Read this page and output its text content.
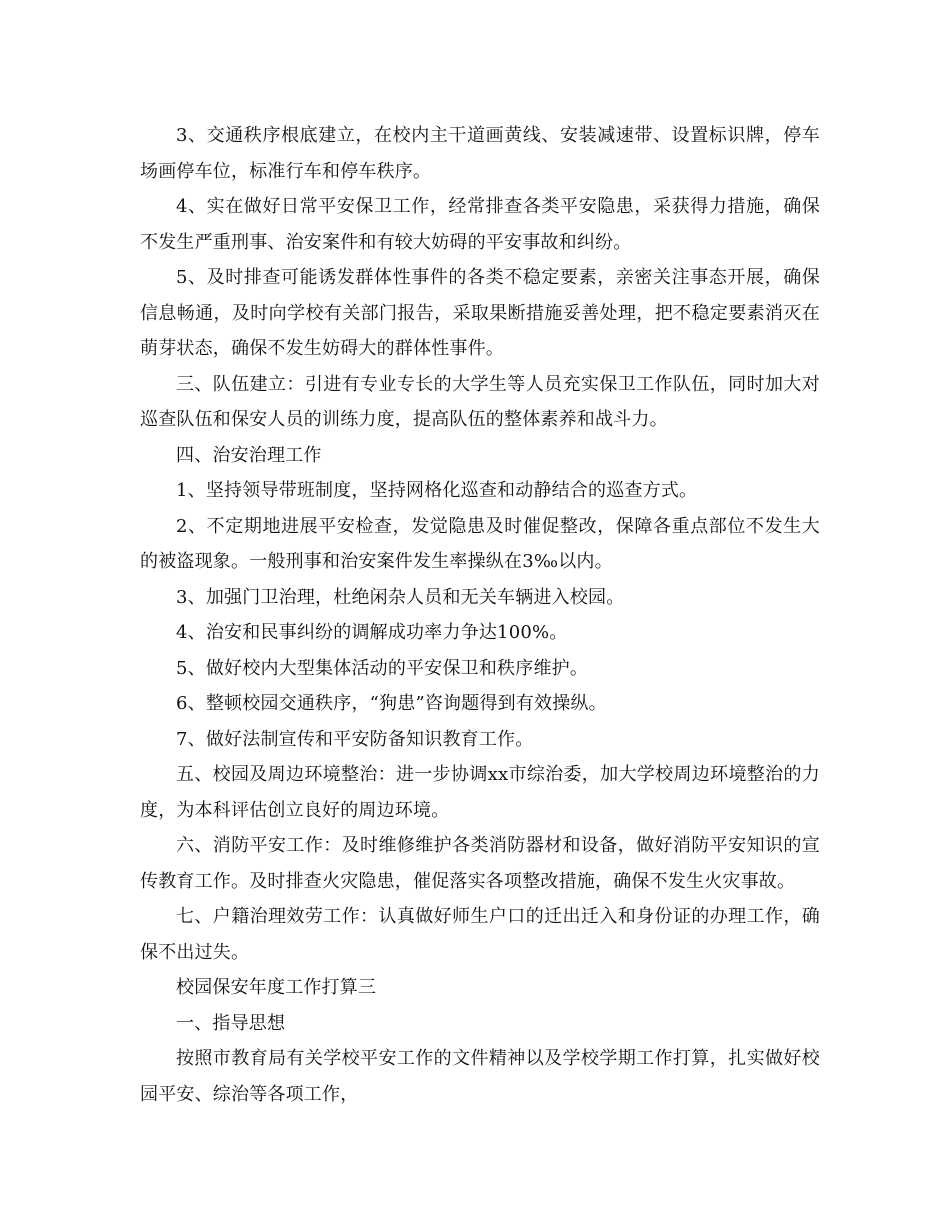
3、交通秩序根底建立，在校内主干道画黄线、安装减速带、设置标识牌，停车场画停车位，标准行车和停车秩序。

4、实在做好日常平安保卫工作，经常排查各类平安隐患，采获得力措施，确保不发生严重刑事、治安案件和有较大妨碍的平安事故和纠纷。

5、及时排查可能诱发群体性事件的各类不稳定要素，亲密关注事态开展，确保信息畅通，及时向学校有关部门报告，采取果断措施妥善处理，把不稳定要素消灭在萌芽状态，确保不发生妨碍大的群体性事件。

三、队伍建立：引进有专业专长的大学生等人员充实保卫工作队伍，同时加大对巡查队伍和保安人员的训练力度，提高队伍的整体素养和战斗力。

四、治安治理工作

1、坚持领导带班制度，坚持网格化巡查和动静结合的巡查方式。

2、不定期地进展平安检查，发觉隐患及时催促整改，保障各重点部位不发生大的被盗现象。一般刑事和治安案件发生率操纵在3‰以内。

3、加强门卫治理，杜绝闲杂人员和无关车辆进入校园。

4、治安和民事纠纷的调解成功率力争达100%。

5、做好校内大型集体活动的平安保卫和秩序维护。

6、整顿校园交通秩序，“狗患”咨询题得到有效操纵。

7、做好法制宣传和平安防备知识教育工作。

五、校园及周边环境整治：进一步协调xx市综治委，加大学校周边环境整治的力度，为本科评估创立良好的周边环境。

六、消防平安工作：及时维修维护各类消防器材和设备，做好消防平安知识的宣传教育工作。及时排查火灾隐患，催促落实各项整改措施，确保不发生火灾事故。

七、户籍治理效劳工作：认真做好师生户口的迁出迁入和身份证的办理工作，确保不出过失。

校园保安年度工作打算三

一、指导思想

按照市教育局有关学校平安工作的文件精神以及学校学期工作打算，扎实做好校园平安、综治等各项工作，
